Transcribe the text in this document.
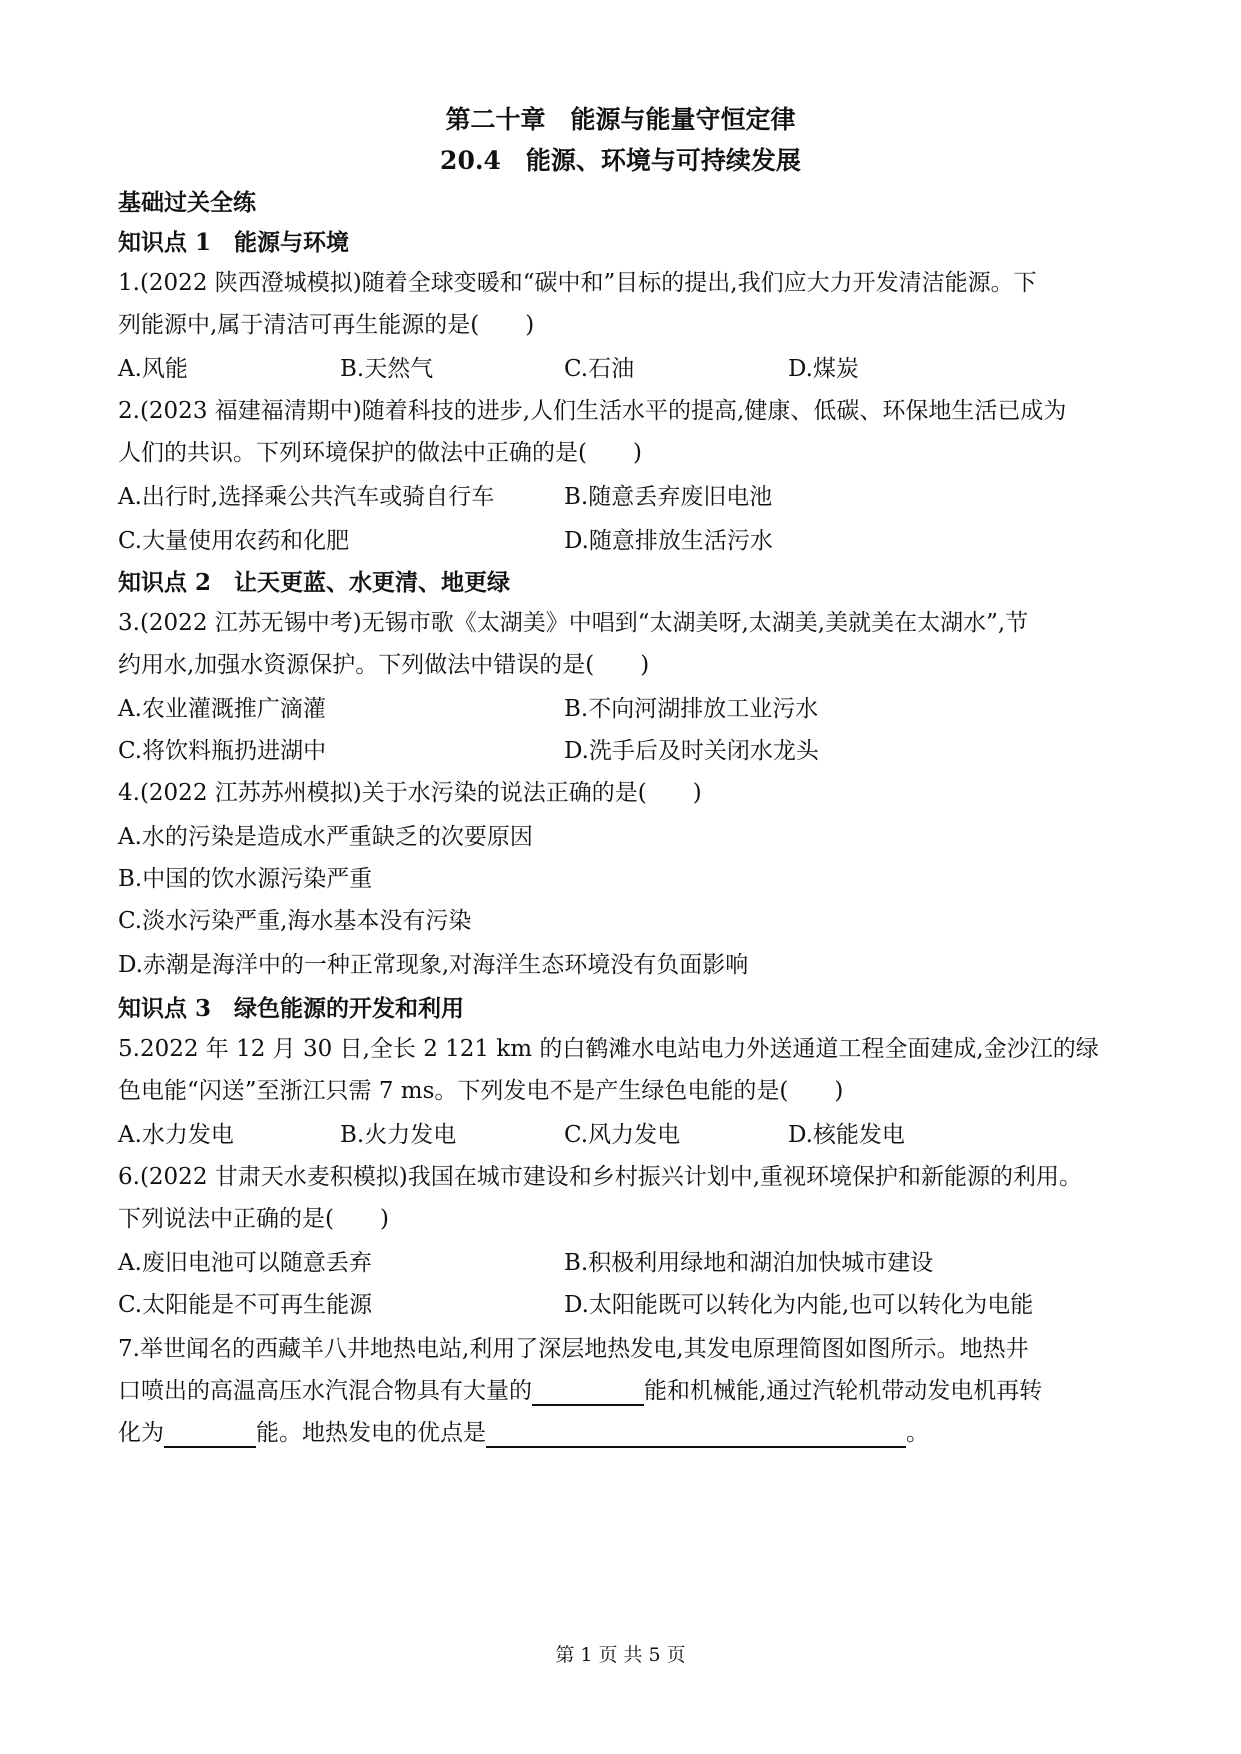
第二十章　能源与能量守恒定律
20.4　能源、环境与可持续发展
基础过关全练
知识点 1　能源与环境
1.(2022 陕西澄城模拟)随着全球变暖和“碳中和”目标的提出,我们应大力开发清洁能源。下
列能源中,属于清洁可再生能源的是(　　)
A.风能	B.天然气	C.石油	D.煤炭
2.(2023 福建福清期中)随着科技的进步,人们生活水平的提高,健康、低碳、环保地生活已成为
人们的共识。下列环境保护的做法中正确的是(　　)
A.出行时,选择乘公共汽车或骑自行车	B.随意丢弃废旧电池
C.大量使用农药和化肥	D.随意排放生活污水
知识点 2　让天更蓝、水更清、地更绿
3.(2022 江苏无锡中考)无锡市歌《太湖美》中唱到“太湖美呀,太湖美,美就美在太湖水”,节
约用水,加强水资源保护。下列做法中错误的是(　　)
A.农业灌溉推广滴灌	B.不向河湖排放工业污水
C.将饮料瓶扔进湖中	D.洗手后及时关闭水龙头
4.(2022 江苏苏州模拟)关于水污染的说法正确的是(　　)
A.水的污染是造成水严重缺乏的次要原因
B.中国的饮水源污染严重
C.淡水污染严重,海水基本没有污染
D.赤潮是海洋中的一种正常现象,对海洋生态环境没有负面影响
知识点 3　绿色能源的开发和利用
5.2022 年 12 月 30 日,全长 2 121 km 的白鹤滩水电站电力外送通道工程全面建成,金沙江的绿
色电能“闪送”至浙江只需 7 ms。下列发电不是产生绿色电能的是(　　)
A.水力发电	B.火力发电	C.风力发电	D.核能发电
6.(2022 甘肃天水麦积模拟)我国在城市建设和乡村振兴计划中,重视环境保护和新能源的利用。
下列说法中正确的是(　　)
A.废旧电池可以随意丢弃	B.积极利用绿地和湖泊加快城市建设
C.太阳能是不可再生能源	D.太阳能既可以转化为内能,也可以转化为电能
7.举世闻名的西藏羊八井地热电站,利用了深层地热发电,其发电原理简图如图所示。地热井
口喷出的高温高压水汽混合物具有大量的	能和机械能,通过汽轮机带动发电机再转
化为	能。地热发电的优点是	。
第 1 页 共 5 页
